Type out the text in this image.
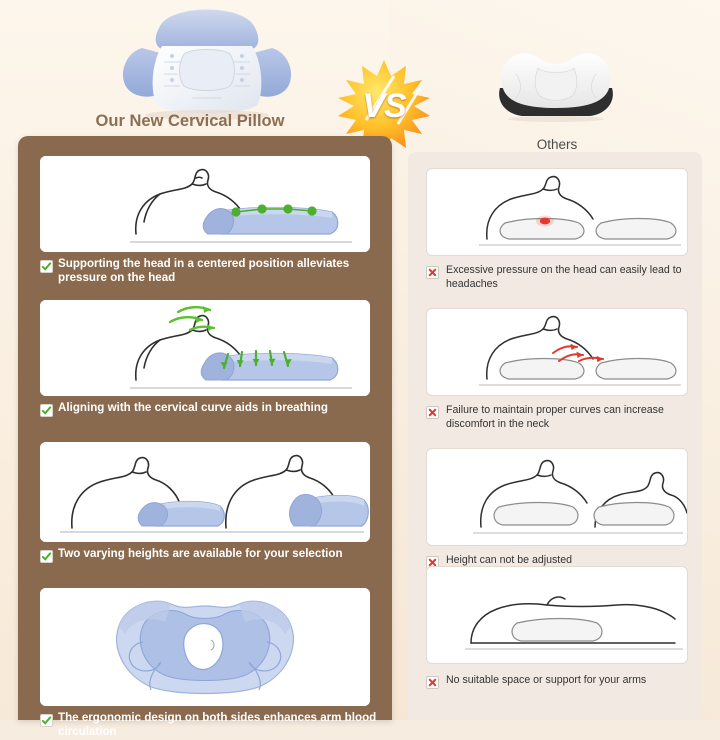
VS
Our New Cervical Pillow
Others
Supporting the head in a centered position alleviates pressure on the head
Aligning with the cervical curve aids in breathing
Two varying heights are available for your selection
The ergonomic design on both sides enhances arm blood circulation
Excessive pressure on the head can easily lead to headaches
Failure to maintain proper curves can increase discomfort in the neck
Height can not be adjusted
No suitable space or support for your arms
